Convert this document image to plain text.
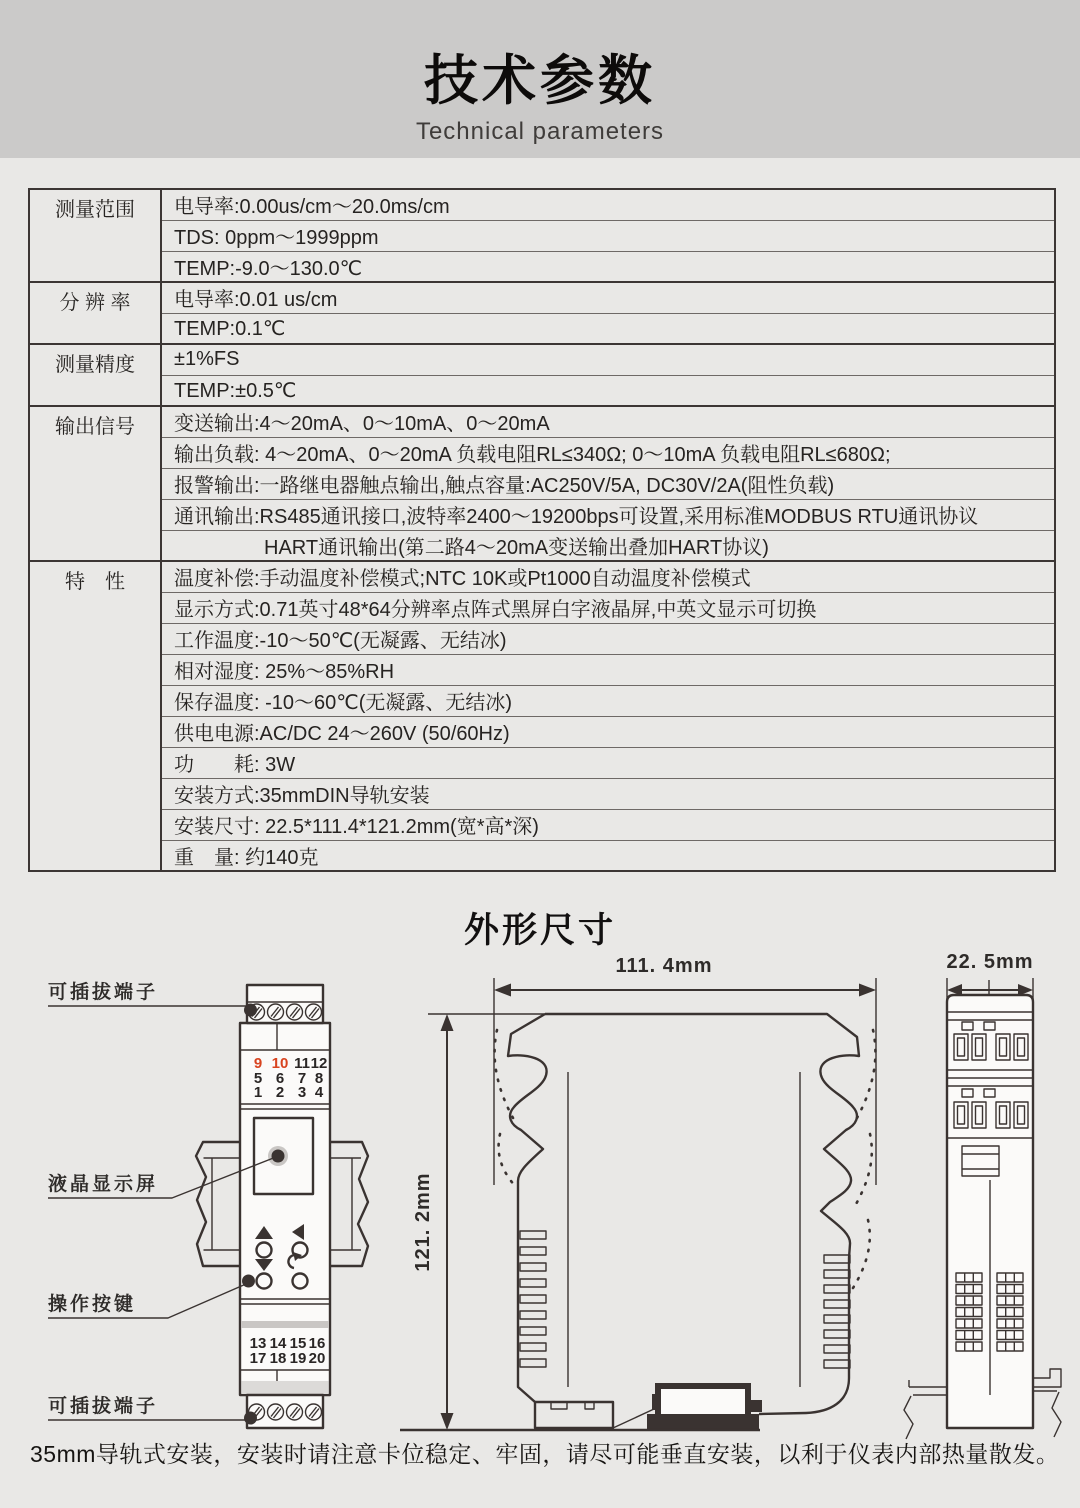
技术参数
Technical parameters
测量范围	电导率:0.00us/cm～20.0ms/cm
	TDS: 0ppm～1999ppm
	TEMP:-9.0～130.0℃
分 辨 率	电导率:0.01 us/cm
	TEMP:0.1℃
测量精度	±1%FS
	TEMP:±0.5℃
输出信号	变送输出:4～20mA、0～10mA、0～20mA
	输出负载: 4～20mA、0～20mA 负载电阻RL≤340Ω; 0～10mA 负载电阻RL≤680Ω;
	报警输出:一路继电器触点输出,触点容量:AC250V/5A, DC30V/2A(阻性负载)
	通讯输出:RS485通讯接口,波特率2400～19200bps可设置,采用标准MODBUS RTU通讯协议
	HART通讯输出(第二路4～20mA变送输出叠加HART协议)
特　性	温度补偿:手动温度补偿模式;NTC 10K或Pt1000自动温度补偿模式
	显示方式:0.71英寸48*64分辨率点阵式黑屏白字液晶屏,中英文显示可切换
	工作温度:-10～50℃(无凝露、无结冰)
	相对湿度: 25%～85%RH
	保存温度: -10～60℃(无凝露、无结冰)
	供电电源:AC/DC 24～260V (50/60Hz)
	功　　耗: 3W
	安装方式:35mmDIN导轨安装
	安装尺寸: 22.5*111.4*121.2mm(宽*高*深)
	重　量: 约140克
外形尺寸
9 10 11 12
5 6 7 8
1 2 3 4
13 14 15 16
17 18 19 20
可插拔端子
液晶显示屏
操作按键
可插拔端子
111. 4mm
121. 2mm
22. 5mm
35mm导轨式安装，安装时请注意卡位稳定、牢固，请尽可能垂直安装，以利于仪表内部热量散发。
